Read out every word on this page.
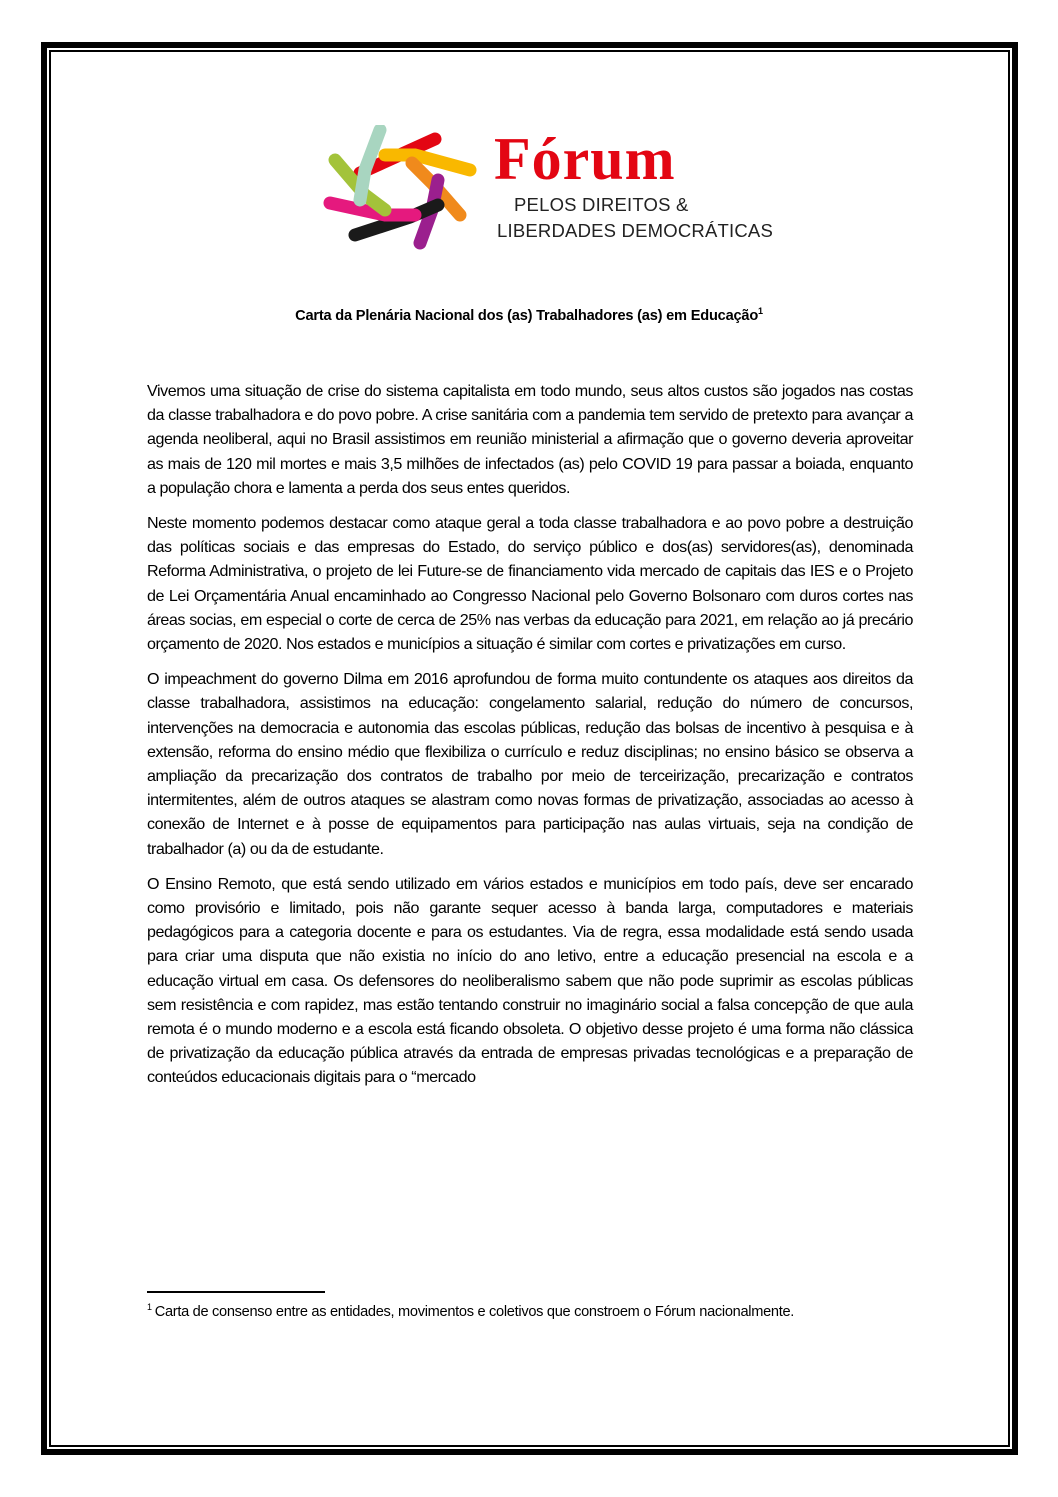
Fórum
PELOS DIREITOS &
LIBERDADES DEMOCRÁTICAS
Carta da Plenária Nacional dos (as) Trabalhadores (as) em Educação$^1$

Vivemos uma situação de crise do sistema capitalista em todo mundo, seus altos custos são jogados nas costas da classe trabalhadora e do povo pobre. A crise sanitária com a pandemia tem servido de pretexto para avançar a agenda neoliberal, aqui no Brasil assistimos em reunião ministerial a afirmação que o governo deveria aproveitar as mais de 120 mil mortes e mais 3,5 milhões de infectados (as) pelo COVID 19 para passar a boiada, enquanto a população chora e lamenta a perda dos seus entes queridos.

Neste momento podemos destacar como ataque geral a toda classe trabalhadora e ao povo pobre a destruição das políticas sociais e das empresas do Estado, do serviço público e dos(as) servidores(as), denominada Reforma Administrativa, o projeto de lei Future-se de financiamento vida mercado de capitais das IES e o Projeto de Lei Orçamentária Anual encaminhado ao Congresso Nacional pelo Governo Bolsonaro com duros cortes nas áreas socias, em especial o corte de cerca de 25% nas verbas da educação para 2021, em relação ao já precário orçamento de 2020. Nos estados e municípios a situação é similar com cortes e privatizações em curso.

O impeachment do governo Dilma em 2016 aprofundou de forma muito contundente os ataques aos direitos da classe trabalhadora, assistimos na educação: congelamento salarial, redução do número de concursos, intervenções na democracia e autonomia das escolas públicas, redução das bolsas de incentivo à pesquisa e à extensão, reforma do ensino médio que flexibiliza o currículo e reduz disciplinas; no ensino básico se observa a ampliação da precarização dos contratos de trabalho por meio de terceirização, precarização e contratos intermitentes, além de outros ataques se alastram como novas formas de privatização, associadas ao acesso à conexão de Internet e à posse de equipamentos para participação nas aulas virtuais, seja na condição de trabalhador (a) ou da de estudante.

O Ensino Remoto, que está sendo utilizado em vários estados e municípios em todo país, deve ser encarado como provisório e limitado, pois não garante sequer acesso à banda larga, computadores e materiais pedagógicos para a categoria docente e para os estudantes. Via de regra, essa modalidade está sendo usada para criar uma disputa que não existia no início do ano letivo, entre a educação presencial na escola e a educação virtual em casa. Os defensores do neoliberalismo sabem que não pode suprimir as escolas públicas sem resistência e com rapidez, mas estão tentando construir no imaginário social a falsa concepção de que aula remota é o mundo moderno e a escola está ficando obsoleta. O objetivo desse projeto é uma forma não clássica de privatização da educação pública através da entrada de empresas privadas tecnológicas e a preparação de conteúdos educacionais digitais para o “mercado

$^1$ Carta de consenso entre as entidades, movimentos e coletivos que constroem o Fórum nacionalmente.
